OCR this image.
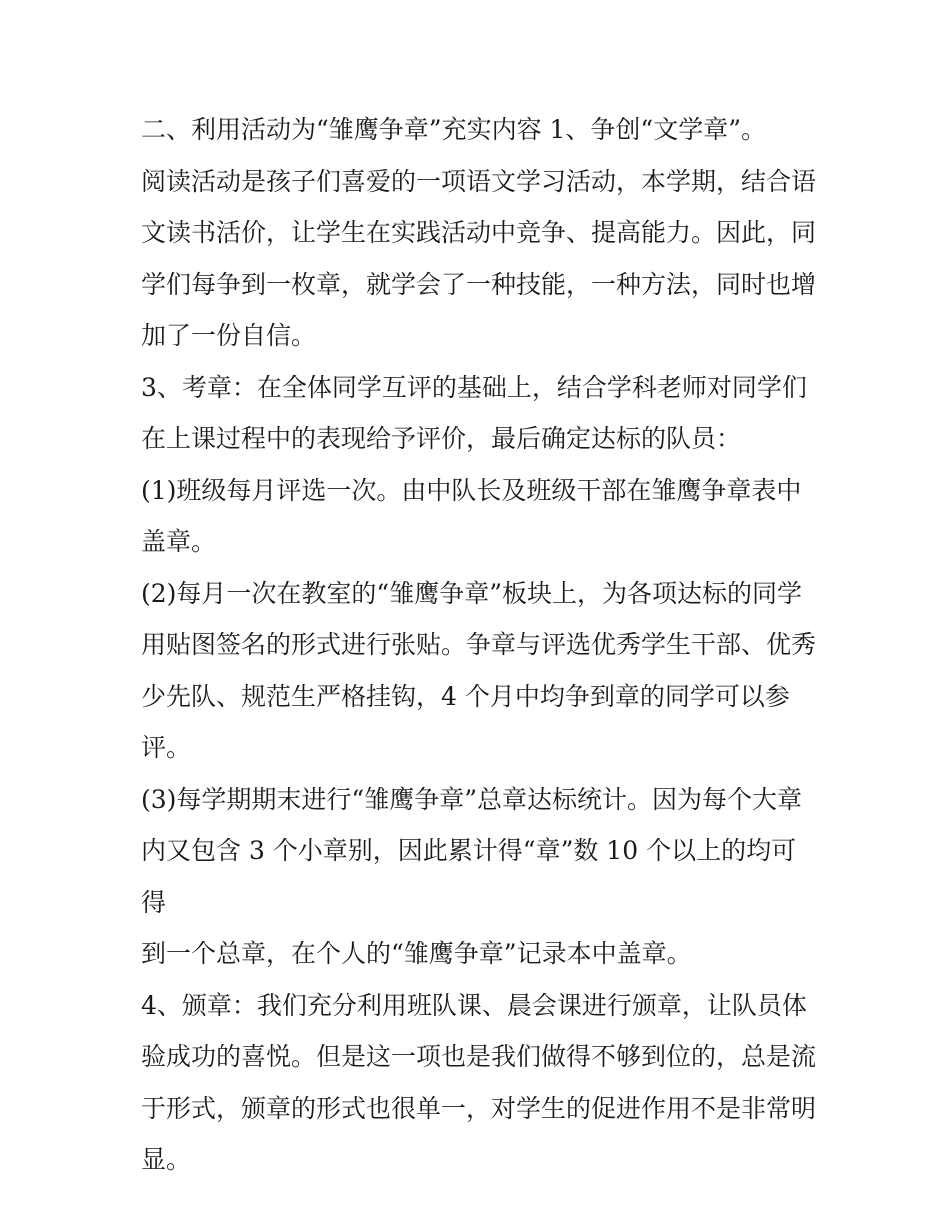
二、利用活动为“雏鹰争章”充实内容 1、争创“文学章”。

阅读活动是孩子们喜爱的一项语文学习活动，本学期，结合语

文读书活价，让学生在实践活动中竞争、提高能力。因此，同

学们每争到一枚章，就学会了一种技能，一种方法，同时也增

加了一份自信。

3、考章：在全体同学互评的基础上，结合学科老师对同学们

在上课过程中的表现给予评价，最后确定达标的队员：

(1)班级每月评选一次。由中队长及班级干部在雏鹰争章表中

盖章。

(2)每月一次在教室的“雏鹰争章”板块上，为各项达标的同学

用贴图签名的形式进行张贴。争章与评选优秀学生干部、优秀

少先队、规范生严格挂钩，4 个月中均争到章的同学可以参

评。

(3)每学期期末进行“雏鹰争章”总章达标统计。因为每个大章

内又包含 3 个小章别，因此累计得“章”数 10 个以上的均可得

到一个总章，在个人的“雏鹰争章”记录本中盖章。

4、颁章：我们充分利用班队课、晨会课进行颁章，让队员体

验成功的喜悦。但是这一项也是我们做得不够到位的，总是流

于形式，颁章的形式也很单一，对学生的促进作用不是非常明

显。
